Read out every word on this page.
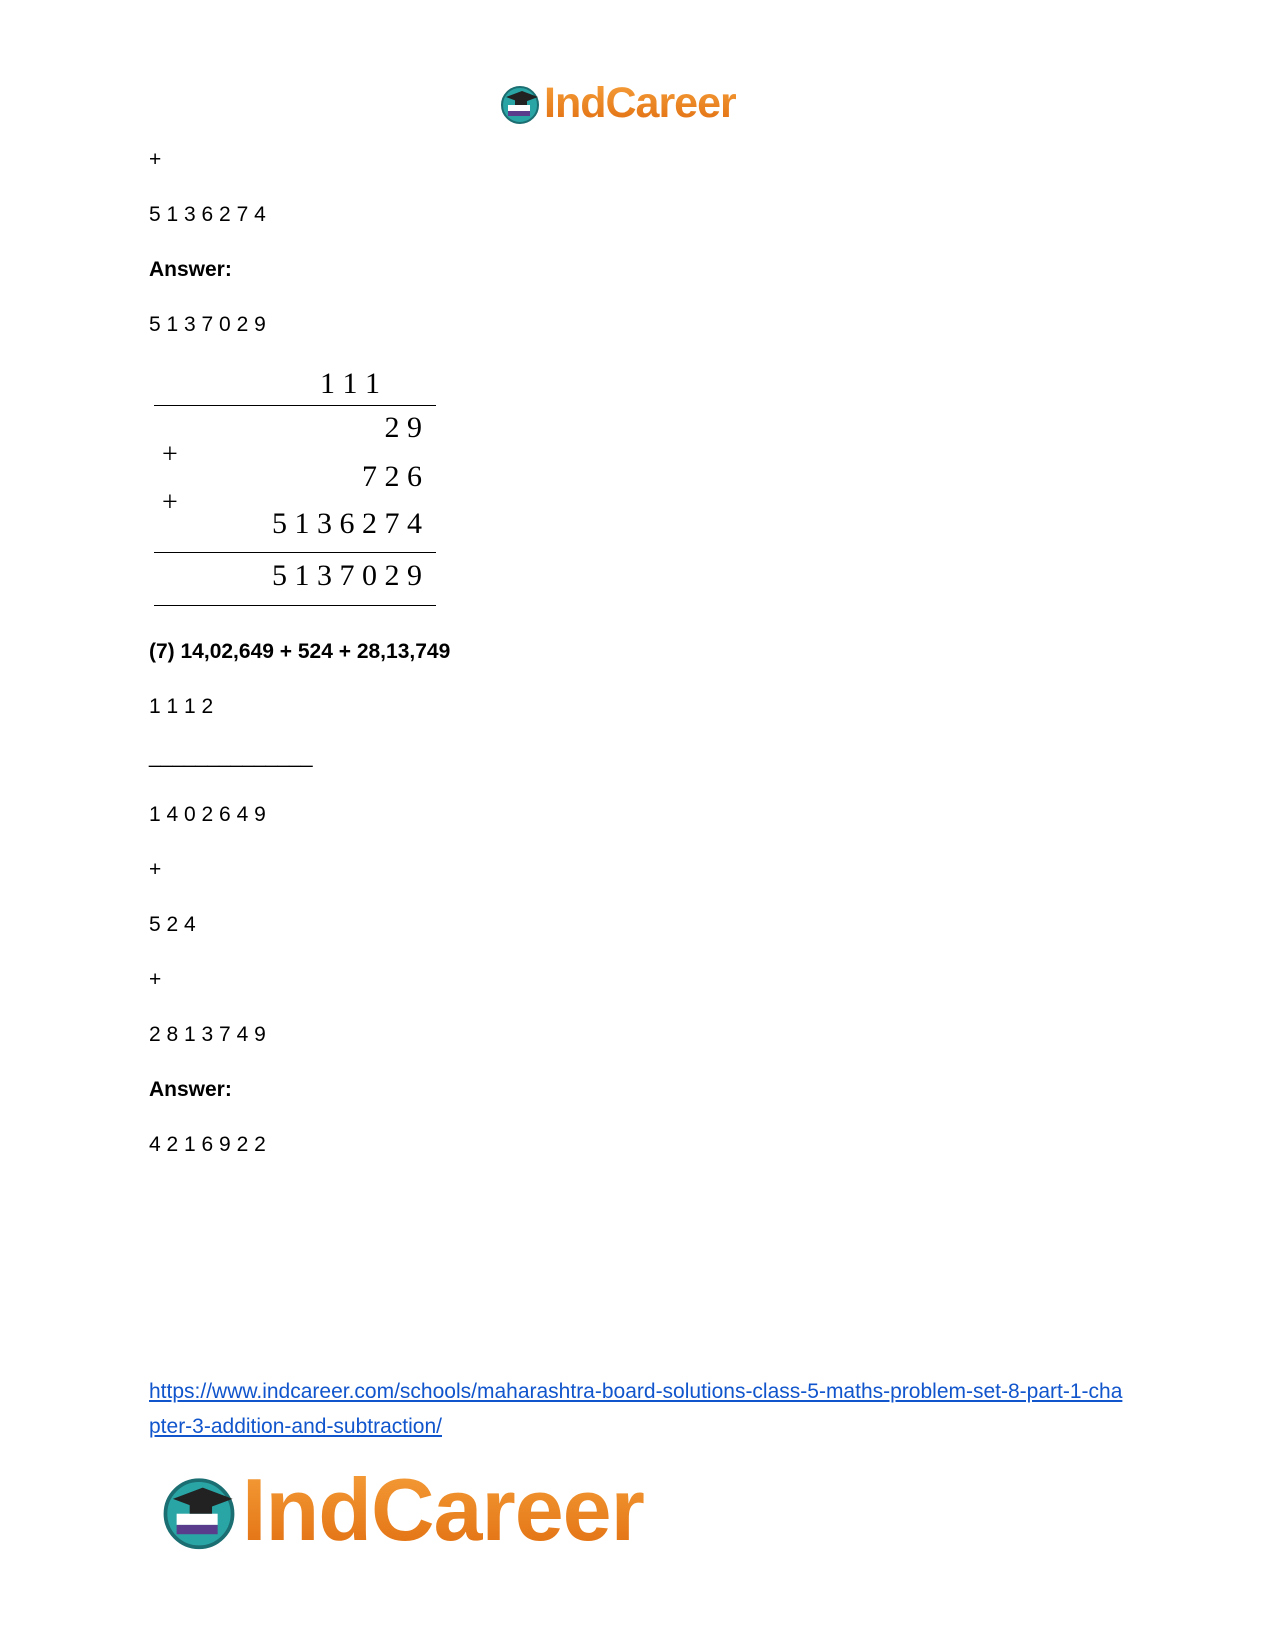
IndCareer
+
5 1 3 6 2 7 4
Answer:
5 1 3 7 0 2 9
1 1 1
2 9
+
7 2 6
+
5 1 3 6 2 7 4
5 1 3 7 0 2 9
(7) 14,02,649 + 524 + 28,13,749
1 1 1 2
______________
1 4 0 2 6 4 9
+
5 2 4
+
2 8 1 3 7 4 9
Answer:
4 2 1 6 9 2 2
https://www.indcareer.com/schools/maharashtra-board-solutions-class-5-maths-problem-set-8-part-1-chapter-3-addition-and-subtraction/
IndCareer
